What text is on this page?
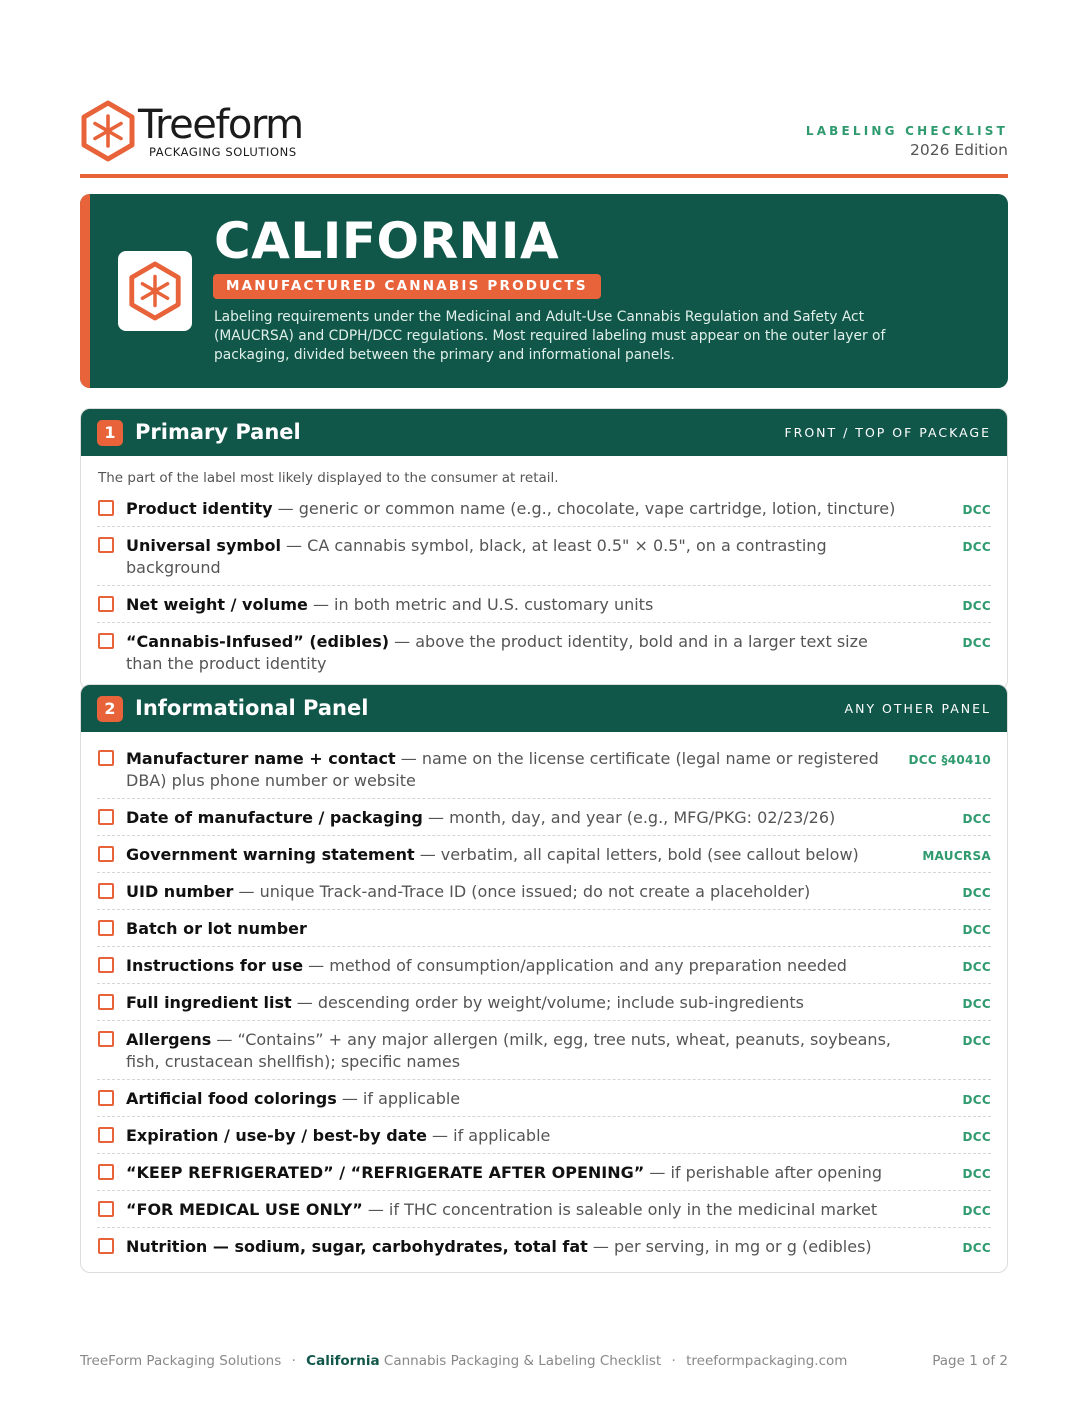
Treeform
PACKAGING SOLUTIONS
LABELING CHECKLIST
2026 Edition
CALIFORNIA
MANUFACTURED CANNABIS PRODUCTS
Labeling requirements under the Medicinal and Adult-Use Cannabis Regulation and Safety Act (MAUCRSA) and CDPH/DCC regulations. Most required labeling must appear on the outer layer of packaging, divided between the primary and informational panels.
1 Primary Panel	FRONT / TOP OF PACKAGE
The part of the label most likely displayed to the consumer at retail.
Product identity — generic or common name (e.g., chocolate, vape cartridge, lotion, tincture)	DCC
Universal symbol — CA cannabis symbol, black, at least 0.5" × 0.5", on a contrasting background
DCC
Net weight / volume — in both metric and U.S. customary units	DCC
“Cannabis-Infused” (edibles) — above the product identity, bold and in a larger text size than the product identity
DCC
2 Informational Panel	ANY OTHER PANEL
Manufacturer name + contact — name on the license certificate (legal name or registered DBA) plus phone number or website
DCC §40410
Date of manufacture / packaging — month, day, and year (e.g., MFG/PKG: 02/23/26)	DCC
Government warning statement — verbatim, all capital letters, bold (see callout below)	MAUCRSA
UID number — unique Track-and-Trace ID (once issued; do not create a placeholder)	DCC
Batch or lot number	DCC
Instructions for use — method of consumption/application and any preparation needed	DCC
Full ingredient list — descending order by weight/volume; include sub-ingredients	DCC
Allergens — “Contains” + any major allergen (milk, egg, tree nuts, wheat, peanuts, soybeans, fish, crustacean shellfish); specific names
DCC
Artificial food colorings — if applicable	DCC
Expiration / use-by / best-by date — if applicable	DCC
“KEEP REFRIGERATED” / “REFRIGERATE AFTER OPENING” — if perishable after opening	DCC
“FOR MEDICAL USE ONLY” — if THC concentration is saleable only in the medicinal market	DCC
Nutrition — sodium, sugar, carbohydrates, total fat — per serving, in mg or g (edibles)	DCC
TreeForm Packaging Solutions · California Cannabis Packaging & Labeling Checklist · treeformpackaging.com	Page 1 of 2
